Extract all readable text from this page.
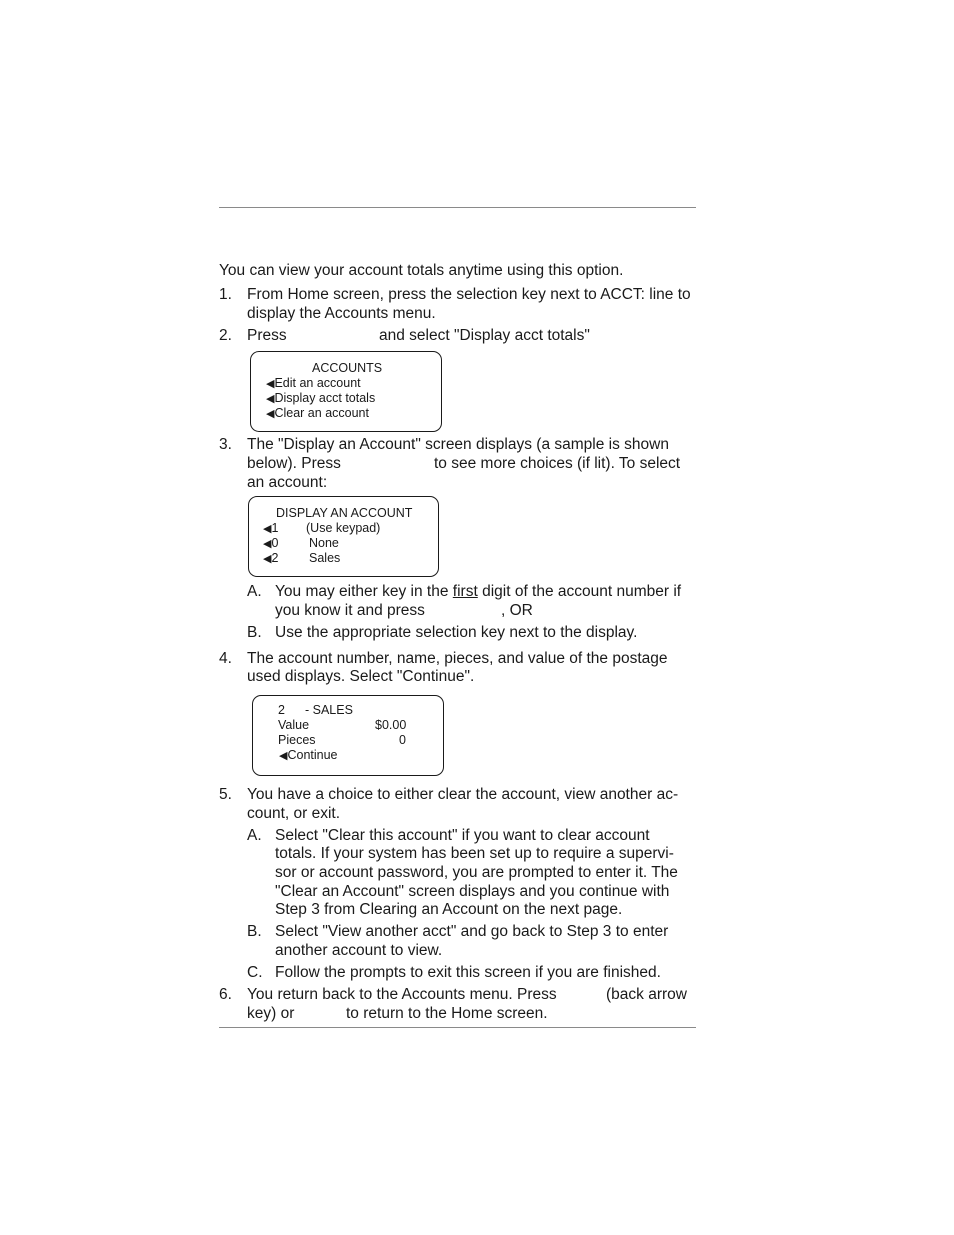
You can view your account totals anytime using this option.
1. From Home screen, press the selection key next to ACCT: line to
display the Accounts menu.
2. Press	and select "Display acct totals"
ACCOUNTS
◀Edit an account
◀Display acct totals
◀Clear an account
3. The "Display an Account" screen displays (a sample is shown
below). Press	to see more choices (if lit). To select
an account:
DISPLAY AN ACCOUNT
◀1 (Use keypad)
◀0 None
◀2 Sales
A. You may either key in the first digit of the account number if
you know it and press	, OR
B. Use the appropriate selection key next to the display.
4. The account number, name, pieces, and value of the postage
used displays. Select "Continue".
2 - SALES
Value	$0.00
Pieces	0
◀Continue
5. You have a choice to either clear the account, view another ac-
count, or exit.
A. Select "Clear this account" if you want to clear account
totals. If your system has been set up to require a supervi-
sor or account password, you are prompted to enter it. The
"Clear an Account" screen displays and you continue with
Step 3 from Clearing an Account on the next page.
B. Select "View another acct" and go back to Step 3 to enter
another account to view.
C. Follow the prompts to exit this screen if you are finished.
6. You return back to the Accounts menu. Press	(back arrow
key) or	to return to the Home screen.
